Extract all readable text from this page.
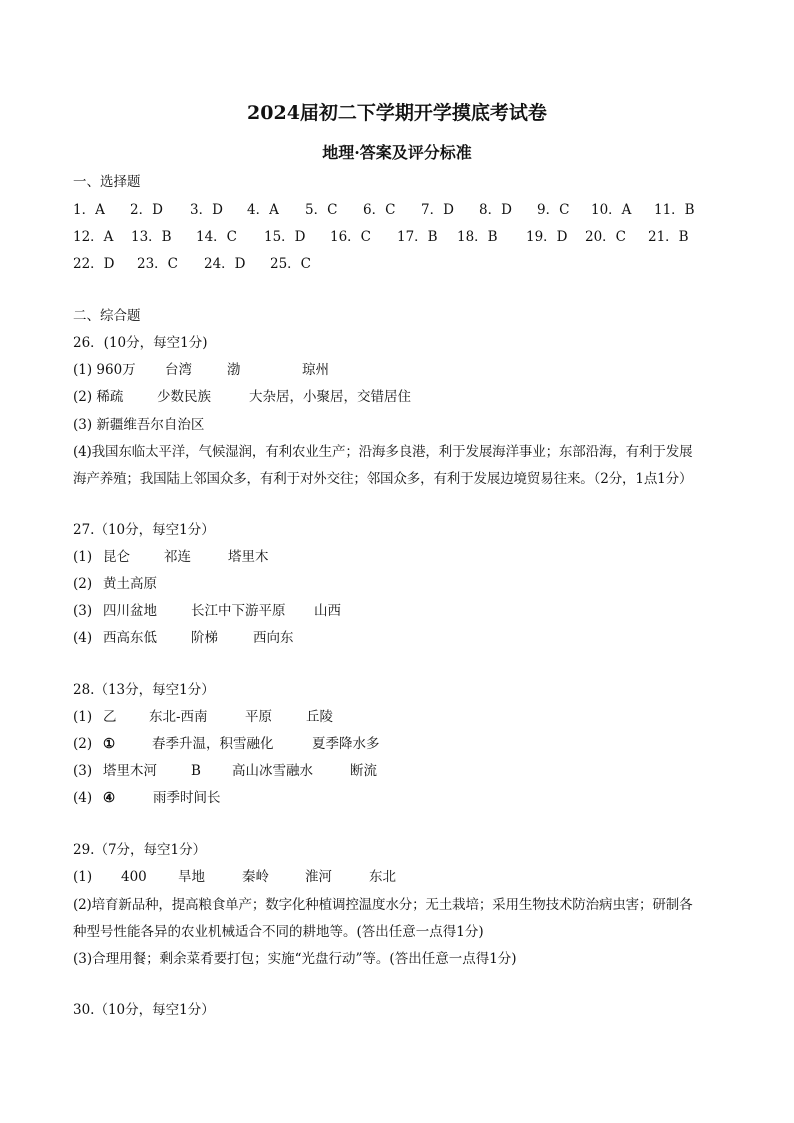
2024届初二下学期开学摸底考试卷
地理·答案及评分标准
一、选择题
1．A 2．D 3．D 4．A 5．C 6．C 7．D 8．D 9．C 10．A 11．B
12．A 13．B 14．C 15．D 16．C 17．B 18．B 19．D 20．C 21．B
22．D 23．C 24．D 25．C
二、综合题
26．(10分，每空1分)
(1) 960万 台湾	渤	琼州
(2) 稀疏 少数民族	大杂居，小聚居，交错居住
(3) 新疆维吾尔自治区
(4)我国东临太平洋，气候湿润，有利农业生产；沿海多良港，利于发展海洋事业；东部沿海，有利于发展
海产养殖；我国陆上邻国众多，有利于对外交往；邻国众多，有利于发展边境贸易往来。（2分，1点1分）
27.（10分，每空1分）
(1) 昆仑	祁连	塔里木
(2) 黄土高原
(3) 四川盆地	长江中下游平原 山西
(4) 西高东低	阶梯	西向东
28.（13分，每空1分）
(1) 乙 东北-西南	平原	丘陵
(2) ①	春季升温，积雪融化	夏季降水多
(3) 塔里木河	B 高山冰雪融水	断流
(4) ④	雨季时间长
29.（7分，每空1分）
(1) 400 旱地	秦岭	淮河	东北
(2)培育新品种，提高粮食单产；数字化种植调控温度水分；无土栽培；采用生物技术防治病虫害；研制各
种型号性能各异的农业机械适合不同的耕地等。(答出任意一点得1分)
(3)合理用餐；剩余菜肴要打包；实施“光盘行动”等。(答出任意一点得1分)
30.（10分，每空1分）
